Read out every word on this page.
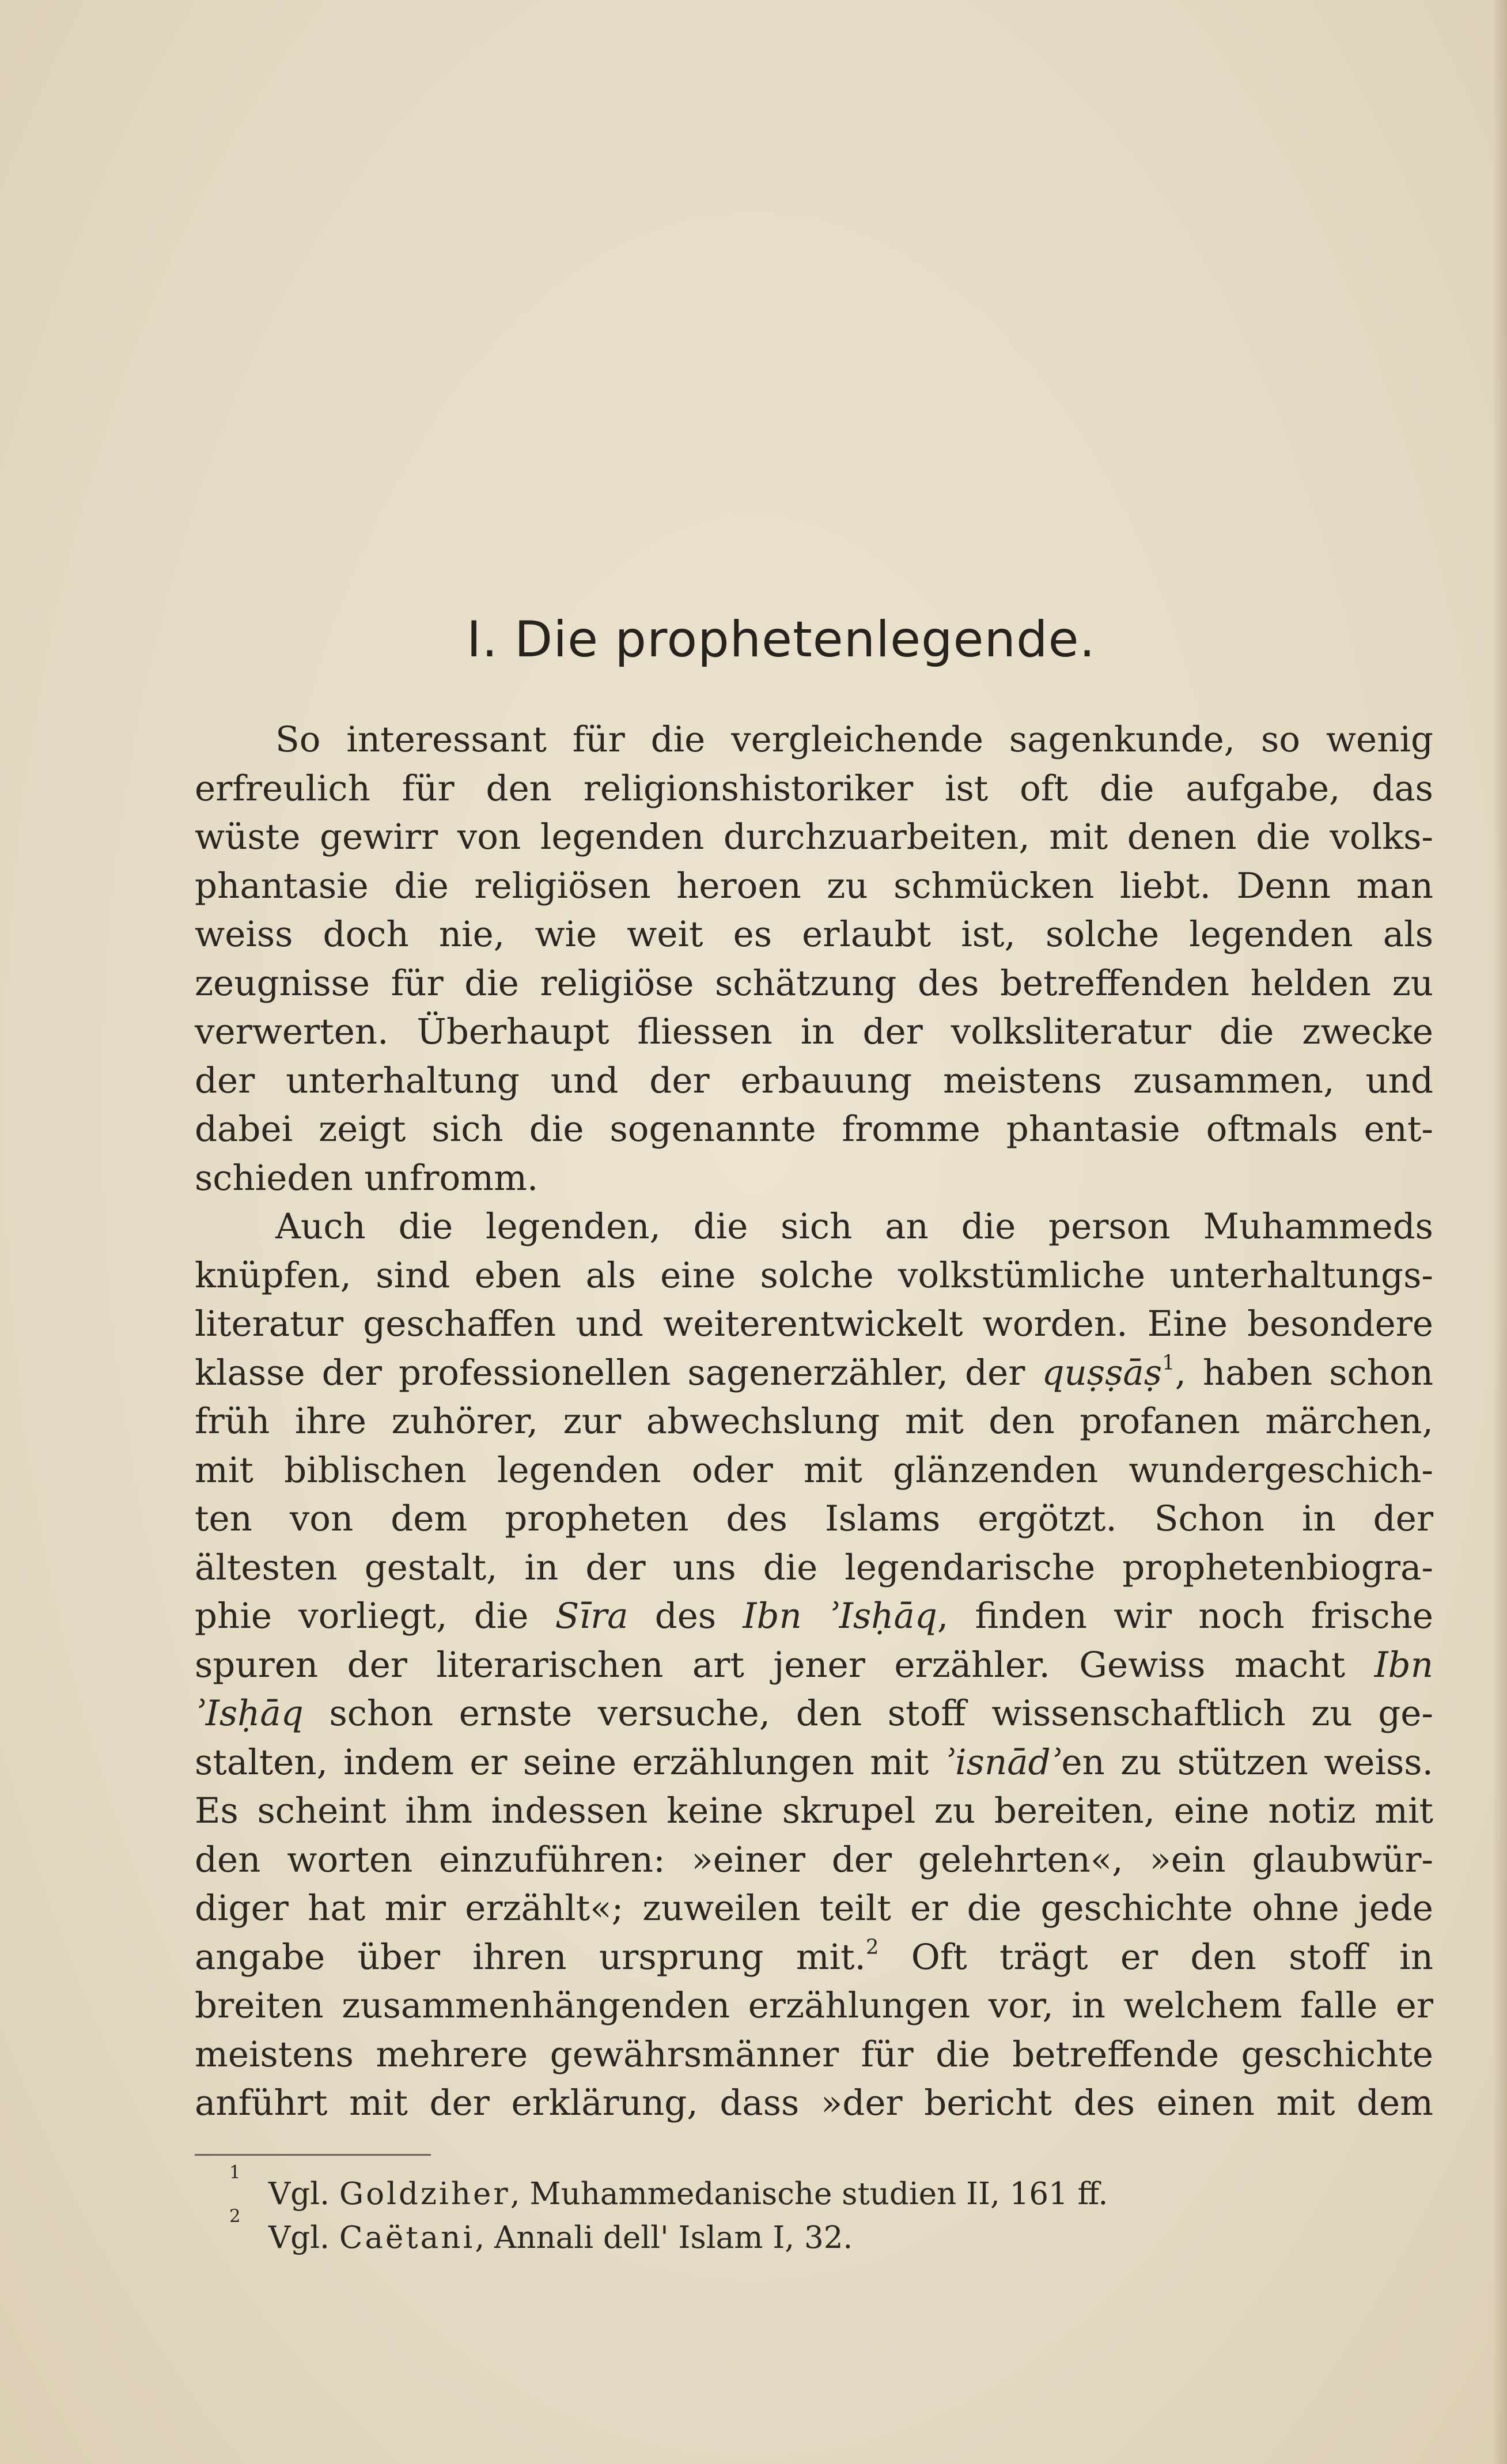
I. Die prophetenlegende.
So interessant für die vergleichende sagenkunde, so wenig
erfreulich für den religionshistoriker ist oft die aufgabe, das
wüste gewirr von legenden durchzuarbeiten, mit denen die volks-
phantasie die religiösen heroen zu schmücken liebt. Denn man
weiss doch nie, wie weit es erlaubt ist, solche legenden als
zeugnisse für die religiöse schätzung des betreffenden helden zu
verwerten. Überhaupt fliessen in der volksliteratur die zwecke
der unterhaltung und der erbauung meistens zusammen, und
dabei zeigt sich die sogenannte fromme phantasie oftmals ent-
schieden unfromm.
Auch die legenden, die sich an die person Muhammeds
knüpfen, sind eben als eine solche volkstümliche unterhaltungs-
literatur geschaffen und weiterentwickelt worden. Eine besondere
klasse der professionellen sagenerzähler, der quṣṣāṣ$^1$, haben schon
früh ihre zuhörer, zur abwechslung mit den profanen märchen,
mit biblischen legenden oder mit glänzenden wundergeschich-
ten von dem propheten des Islams ergötzt. Schon in der
ältesten gestalt, in der uns die legendarische prophetenbiogra-
phie vorliegt, die Sīra des Ibn ʾIsḥāq, finden wir noch frische
spuren der literarischen art jener erzähler. Gewiss macht Ibn
ʾIsḥāq schon ernste versuche, den stoff wissenschaftlich zu ge-
stalten, indem er seine erzählungen mit ʾisnādʾen zu stützen weiss.
Es scheint ihm indessen keine skrupel zu bereiten, eine notiz mit
den worten einzuführen: »einer der gelehrten«, »ein glaubwür-
diger hat mir erzählt«; zuweilen teilt er die geschichte ohne jede
angabe über ihren ursprung mit.$^2$ Oft trägt er den stoff in
breiten zusammenhängenden erzählungen vor, in welchem falle er
meistens mehrere gewährsmänner für die betreffende geschichte
anführt mit der erklärung, dass »der bericht des einen mit dem
1
Vgl. Goldziher, Muhammedanische studien II, 161 ff.
2
Vgl. Caëtani, Annali dell' Islam I, 32.
